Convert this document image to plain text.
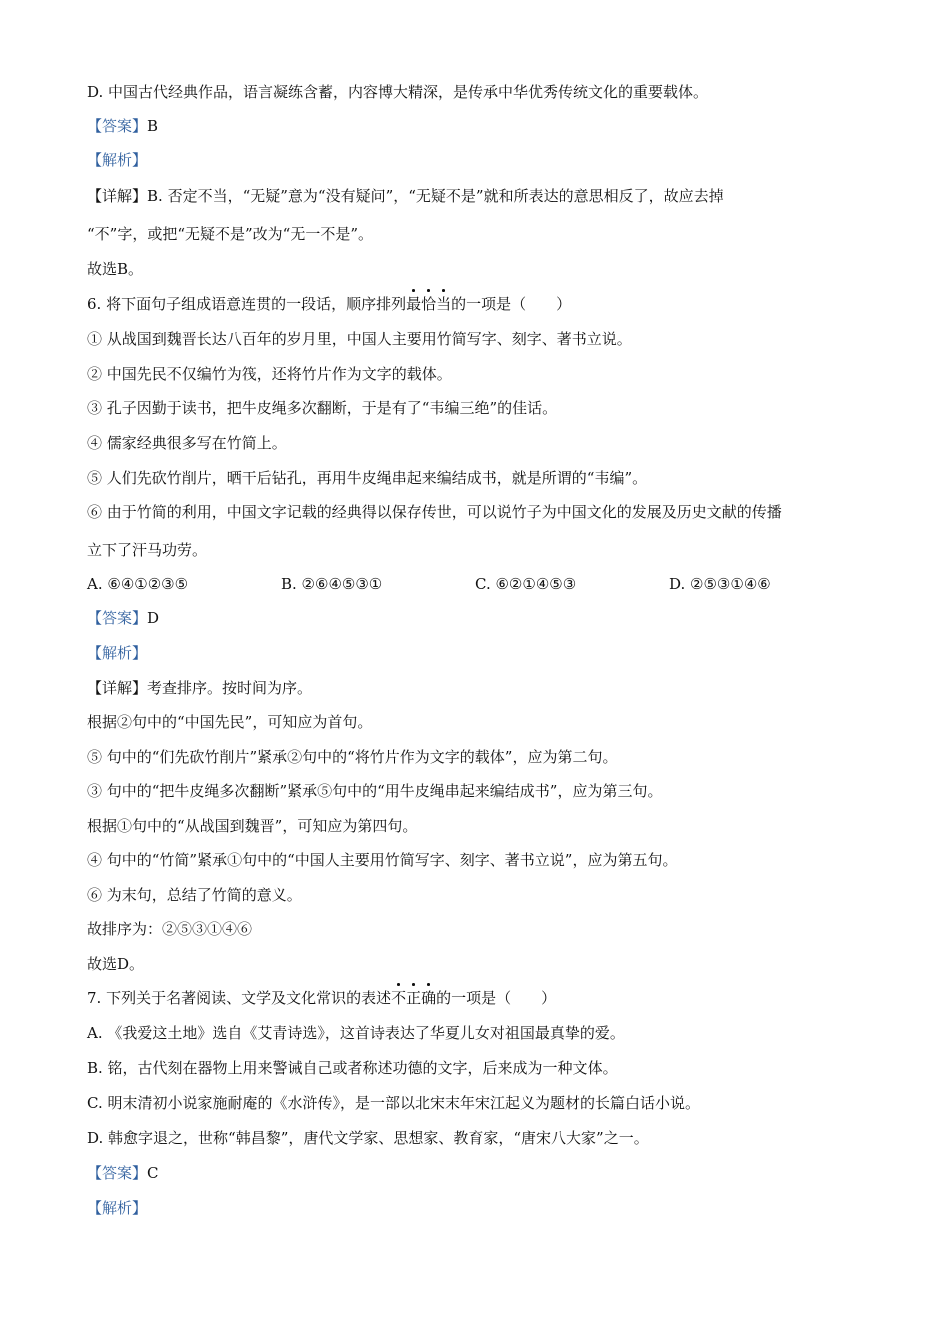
D. 中国古代经典作品，语言凝练含蓄，内容博大精深，是传承中华优秀传统文化的重要载体。
【答案】B
【解析】
【详解】B. 否定不当，“无疑”意为“没有疑问”，“无疑不是”就和所表达的意思相反了，故应去掉
“不”字，或把“无疑不是”改为“无一不是”。
故选B。
6. 将下面句子组成语意连贯的一段话，顺序排列最恰当的一项是（　　）
① 从战国到魏晋长达八百年的岁月里，中国人主要用竹简写字、刻字、著书立说。
② 中国先民不仅编竹为筏，还将竹片作为文字的载体。
③ 孔子因勤于读书，把牛皮绳多次翻断，于是有了“韦编三绝”的佳话。
④ 儒家经典很多写在竹简上。
⑤ 人们先砍竹削片，晒干后钻孔，再用牛皮绳串起来编结成书，就是所谓的“韦编”。
⑥ 由于竹简的利用，中国文字记载的经典得以保存传世，可以说竹子为中国文化的发展及历史文献的传播
立下了汗马功劳。
A. ⑥④①②③⑤	B. ②⑥④⑤③①	C. ⑥②①④⑤③	D. ②⑤③①④⑥
【答案】D
【解析】
【详解】考查排序。按时间为序。
根据②句中的“中国先民”，可知应为首句。
⑤ 句中的“们先砍竹削片”紧承②句中的“将竹片作为文字的载体”，应为第二句。
③ 句中的“把牛皮绳多次翻断”紧承⑤句中的“用牛皮绳串起来编结成书”，应为第三句。
根据①句中的“从战国到魏晋”，可知应为第四句。
④ 句中的“竹简”紧承①句中的“中国人主要用竹简写字、刻字、著书立说”，应为第五句。
⑥ 为末句，总结了竹简的意义。
故排序为：②⑤③①④⑥
故选D。
7. 下列关于名著阅读、文学及文化常识的表述不正确的一项是（　　）
A. 《我爱这土地》选自《艾青诗选》，这首诗表达了华夏儿女对祖国最真挚的爱。
B. 铭，古代刻在器物上用来警诫自己或者称述功德的文字，后来成为一种文体。
C. 明末清初小说家施耐庵的《水浒传》，是一部以北宋末年宋江起义为题材的长篇白话小说。
D. 韩愈字退之，世称“韩昌黎”，唐代文学家、思想家、教育家，“唐宋八大家”之一。
【答案】C
【解析】
